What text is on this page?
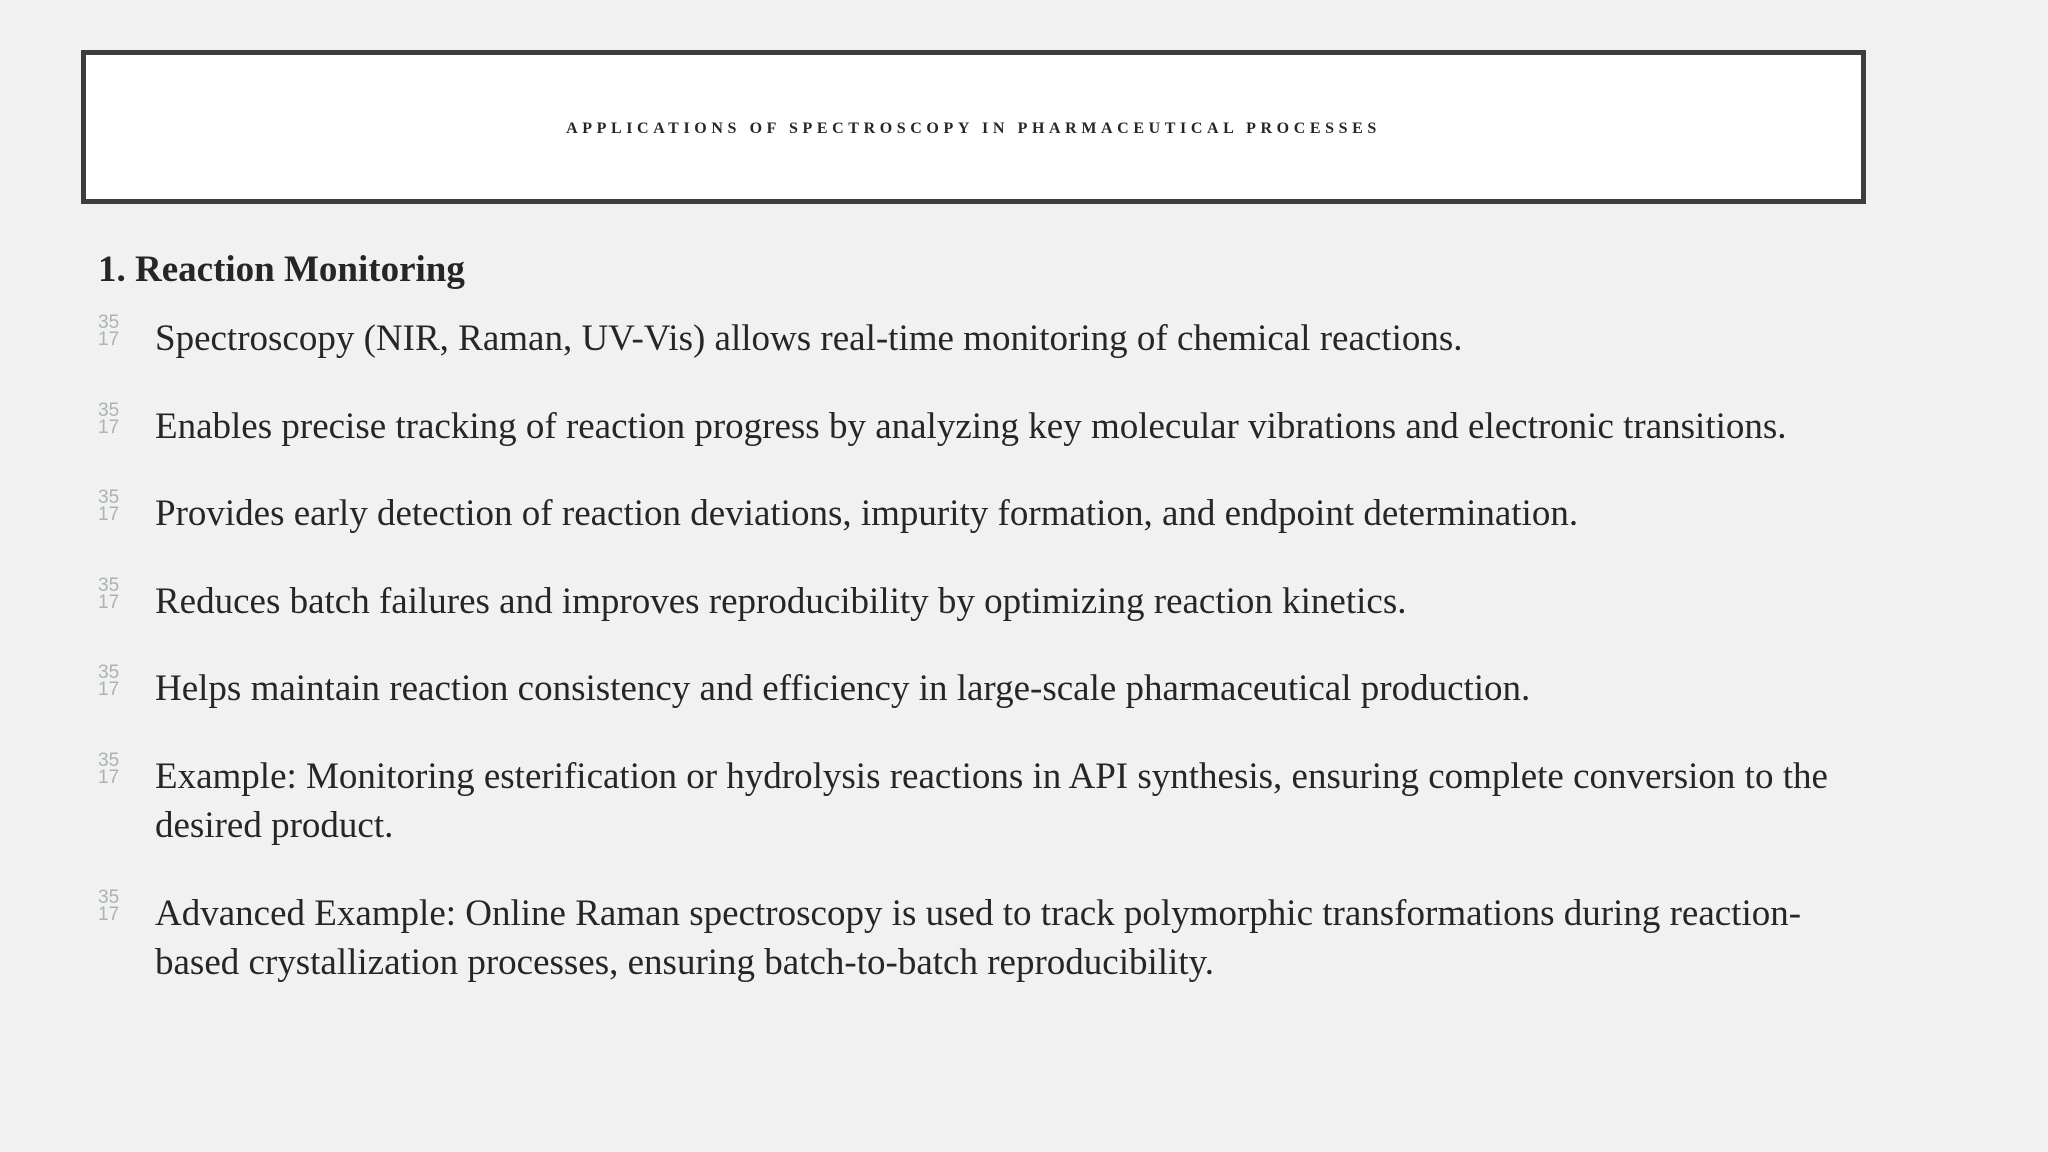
APPLICATIONS OF SPECTROSCOPY IN PHARMACEUTICAL PROCESSES
1. Reaction Monitoring
35
17 Spectroscopy (NIR, Raman, UV-Vis) allows real-time monitoring of chemical reactions.
35
17 Enables precise tracking of reaction progress by analyzing key molecular vibrations and electronic transitions.
35
17 Provides early detection of reaction deviations, impurity formation, and endpoint determination.
35
17 Reduces batch failures and improves reproducibility by optimizing reaction kinetics.
35
17 Helps maintain reaction consistency and efficiency in large-scale pharmaceutical production.
35
17 Example: Monitoring esterification or hydrolysis reactions in API synthesis, ensuring complete conversion to the desired product.
35
17 Advanced Example: Online Raman spectroscopy is used to track polymorphic transformations during reaction-based crystallization processes, ensuring batch-to-batch reproducibility.
